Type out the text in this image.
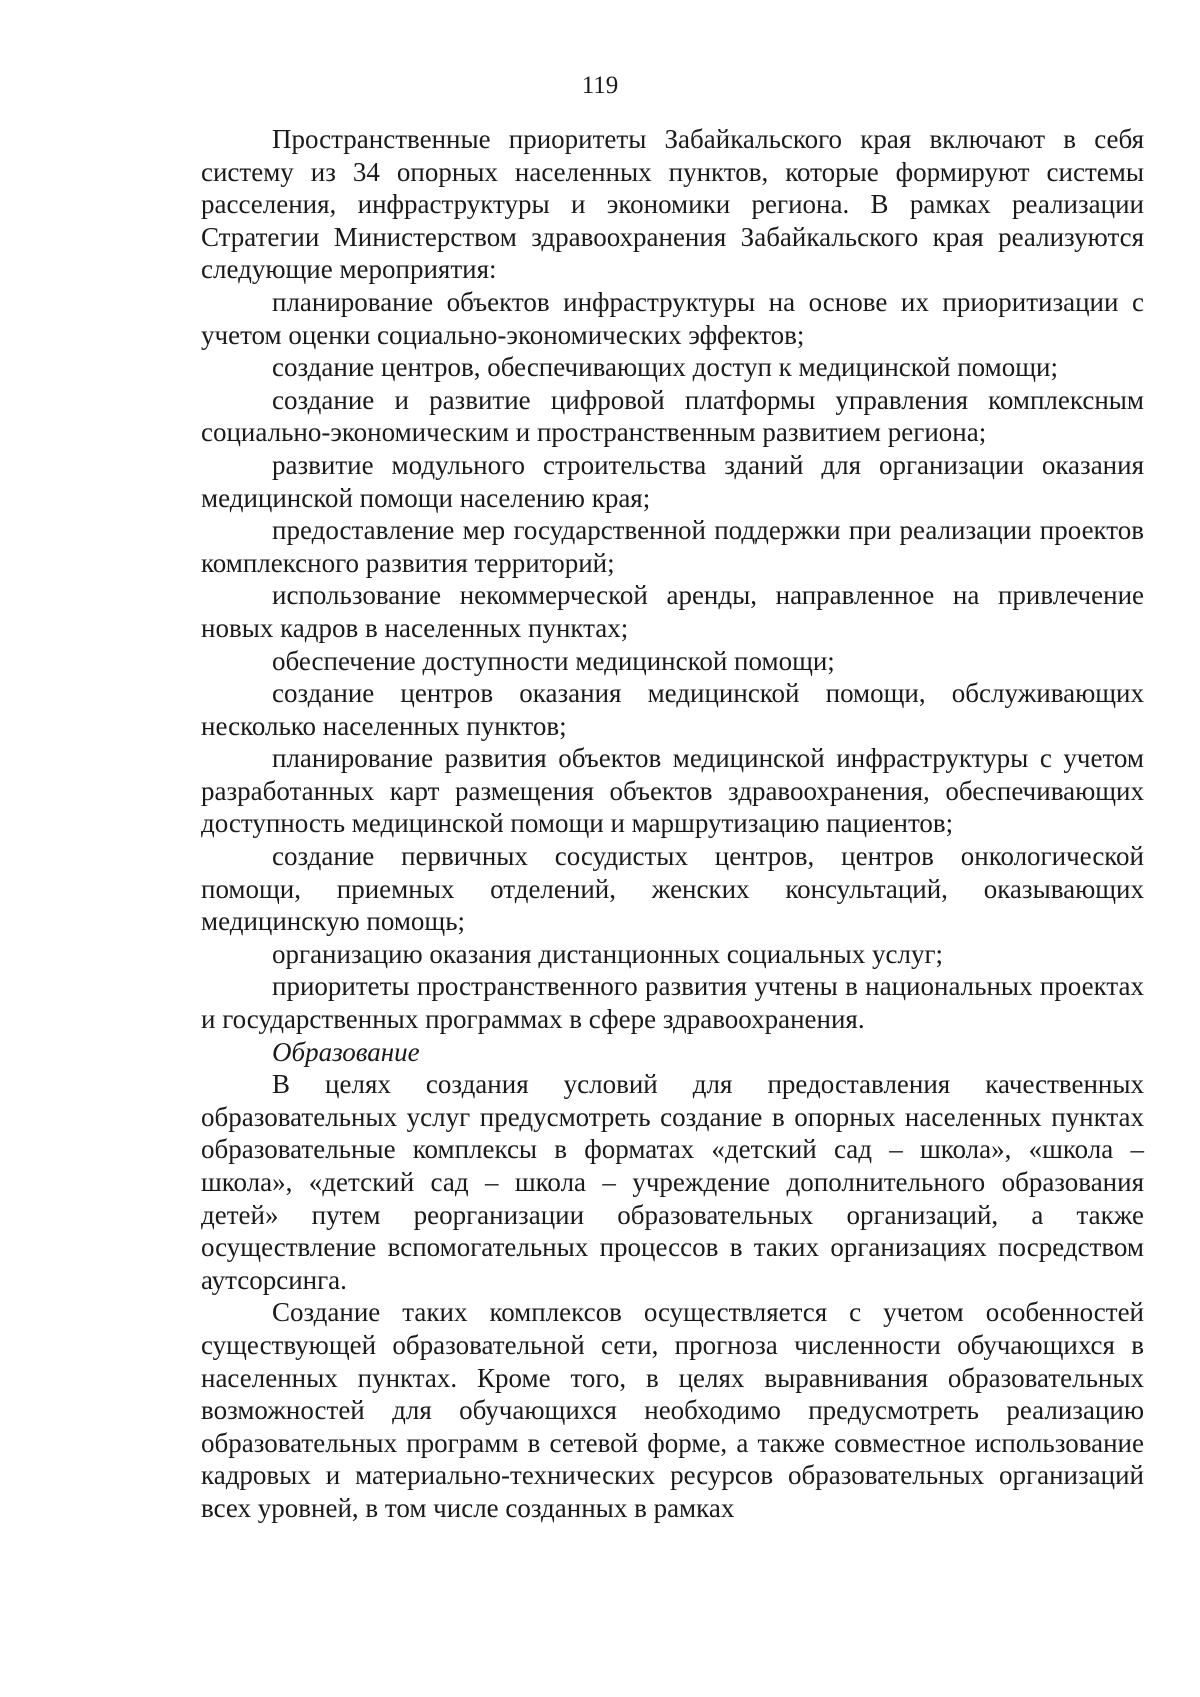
119

Пространственные приоритеты Забайкальского края включают в себя систему из 34 опорных населенных пунктов, которые формируют системы расселения, инфраструктуры и экономики региона. В рамках реализации Стратегии Министерством здравоохранения Забайкальского края реализуются следующие мероприятия:

планирование объектов инфраструктуры на основе их приоритизации с учетом оценки социально-экономических эффектов;

создание центров, обеспечивающих доступ к медицинской помощи;

создание и развитие цифровой платформы управления комплексным социально-экономическим и пространственным развитием региона;

развитие модульного строительства зданий для организации оказания медицинской помощи населению края;

предоставление мер государственной поддержки при реализации проектов комплексного развития территорий;

использование некоммерческой аренды, направленное на привлечение новых кадров в населенных пунктах;

обеспечение доступности медицинской помощи;

создание центров оказания медицинской помощи, обслуживающих несколько населенных пунктов;

планирование развития объектов медицинской инфраструктуры с учетом разработанных карт размещения объектов здравоохранения, обеспечивающих доступность медицинской помощи и маршрутизацию пациентов;

создание первичных сосудистых центров, центров онкологической помощи, приемных отделений, женских консультаций, оказывающих медицинскую помощь;

организацию оказания дистанционных социальных услуг;

приоритеты пространственного развития учтены в национальных проектах и государственных программах в сфере здравоохранения.

Образование

В целях создания условий для предоставления качественных образовательных услуг предусмотреть создание в опорных населенных пунктах образовательные комплексы в форматах «детский сад – школа», «школа – школа», «детский сад – школа – учреждение дополнительного образования детей» путем реорганизации образовательных организаций, а также осуществление вспомогательных процессов в таких организациях посредством аутсорсинга.

Создание таких комплексов осуществляется с учетом особенностей существующей образовательной сети, прогноза численности обучающихся в населенных пунктах. Кроме того, в целях выравнивания образовательных возможностей для обучающихся необходимо предусмотреть реализацию образовательных программ в сетевой форме, а также совместное использование кадровых и материально-технических ресурсов образовательных организаций всех уровней, в том числе созданных в рамках
